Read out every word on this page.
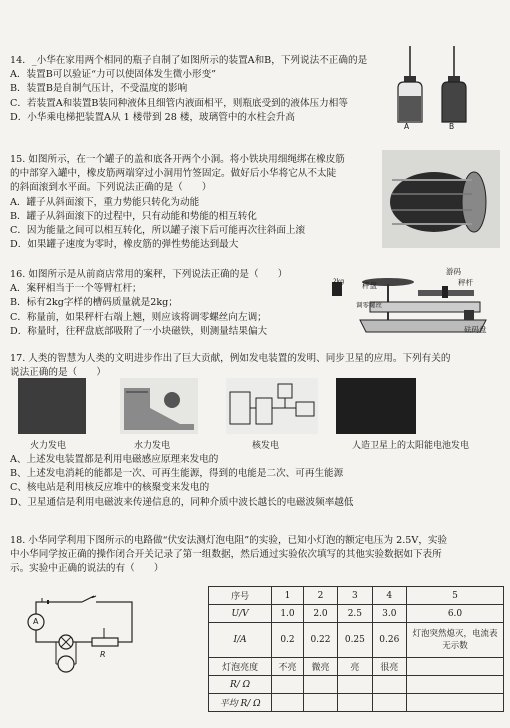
14．_小华在家用两个相同的瓶子自制了如图所示的装置A和B，下列说法不正确的是
A．装置B可以验证“力可以使固体发生微小形变”
B．装置B是自制气压计，不受温度的影响
C．若装置A和装置B装同种液体且细管内液面相平，则瓶底受到的液体压力相等
D．小华乘电梯把装置A从 1 楼带到 28 楼，玻璃管中的水柱会升高
A	B
15. 如图所示，在一个罐子的盖和底各开两个小洞。将小铁块用细绳绑在橡皮筋
的中部穿入罐中，橡皮筋两端穿过小洞用竹签固定。做好后小华将它从不太陡
的斜面滚到水平面。下列说法正确的是（　　）
A．罐子从斜面滚下，重力势能只转化为动能
B．罐子从斜面滚下的过程中，只有动能和势能的相互转化
C．因为能量之间可以相互转化，所以罐子滚下后可能再次往斜面上滚
D．如果罐子速度为零时，橡皮筋的弹性势能达到最大
16. 如图所示是从前商店常用的案秤，下列说法正确的是（　　）
A．案秤相当于一个等臂杠杆；
B．标有2kg字样的槽码质量就是2kg；
C．称量前，如果秤杆右端上翘，则应该将调零螺丝向左调；
D．称量时，往秤盘底部吸附了一小块磁铁，则测量结果偏大
2kg 秤盘
调零螺丝
游码
秤杆
砝码盘
17. 人类的智慧为人类的文明进步作出了巨大贡献，例如发电装置的发明、同步卫星的应用。下列有关的
说法正确的是（　　）
火力发电	水力发电	核发电	人造卫星上的太阳能电池发电
A、上述发电装置都是利用电磁感应原理来发电的
B、上述发电消耗的能都是一次、可再生能源，得到的电能是二次、可再生能源
C、核电站是利用核反应堆中的核聚变来发电的
D、卫星通信是利用电磁波来传递信息的，同种介质中波长越长的电磁波频率越低
18. 小华同学利用下图所示的电路做“伏安法测灯泡电阻”的实验，已知小灯泡的额定电压为 2.5V，实验
中小华同学按正确的操作闭合开关记录了第一组数据，然后通过实验依次填写的其他实验数据如下表所
示。实验中正确的说法的有（　　）
A
R
序号	1	2	3	4	5
U/V	1.0	2.0	2.5	3.0	6.0
I/A	0.2	0.22	0.25	0.26	灯泡突然熄灭，电流表无示数
灯泡亮度	不亮	微亮	亮	很亮	
R/ Ω					
平均 R/ Ω					
